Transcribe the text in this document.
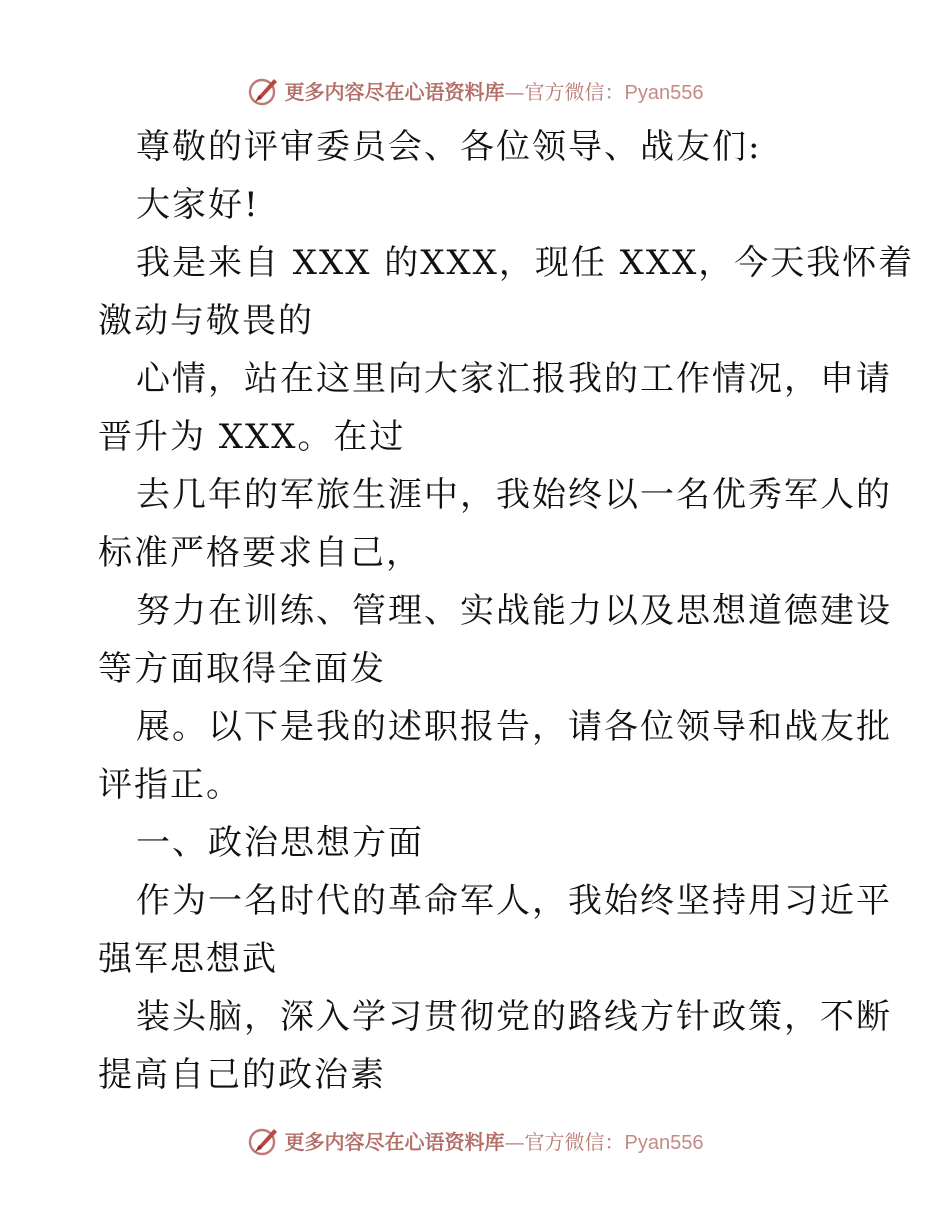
更多内容尽在心语资料库—官方微信：Pyan556
尊敬的评审委员会、各位领导、战友们:
大家好!
我是来自 XXX 的XXX，现任 XXX，今天我怀着
激动与敬畏的
心情，站在这里向大家汇报我的工作情况，申请
晋升为 XXX。在过
去几年的军旅生涯中，我始终以一名优秀军人的
标准严格要求自己，
努力在训练、管理、实战能力以及思想道德建设
等方面取得全面发
展。以下是我的述职报告，请各位领导和战友批
评指正。
一、政治思想方面
作为一名时代的革命军人，我始终坚持用习近平
强军思想武
装头脑，深入学习贯彻党的路线方针政策，不断
提高自己的政治素
更多内容尽在心语资料库—官方微信：Pyan556
